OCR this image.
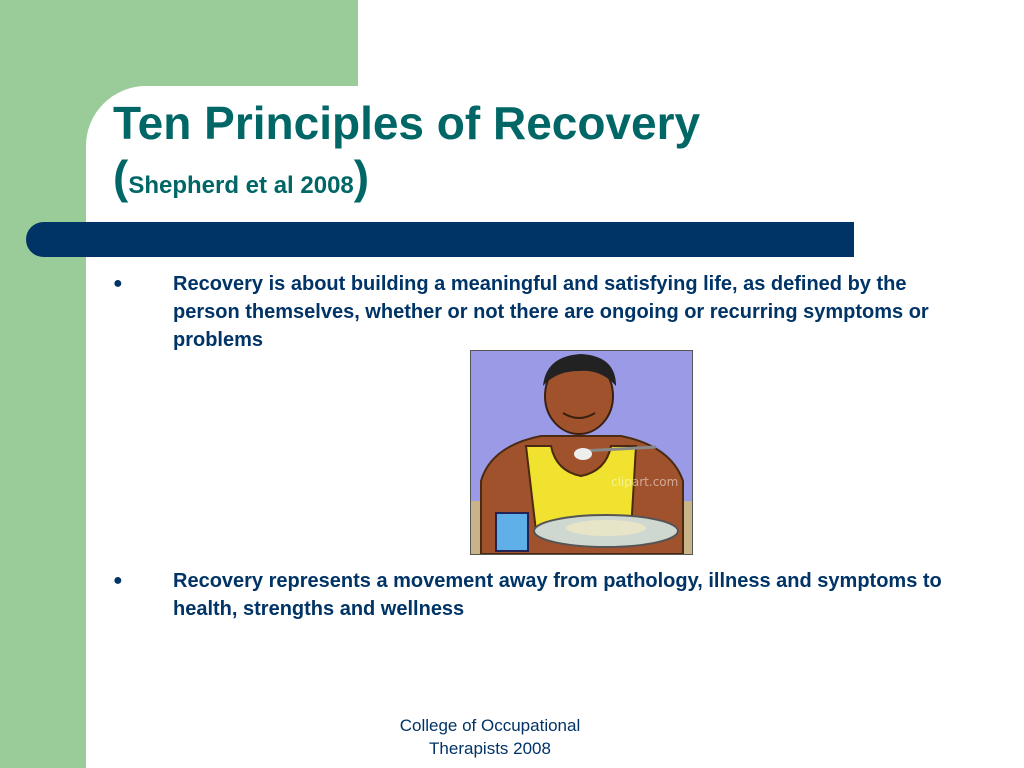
Ten Principles of Recovery
(Shepherd et al 2008)
●	Recovery is about building a meaningful and satisfying life, as defined by the person themselves, whether or not there are ongoing or recurring symptoms or problems
clipart.com
●	Recovery represents a movement away from pathology, illness and symptoms to health, strengths and wellness
College of Occupational
Therapists 2008
